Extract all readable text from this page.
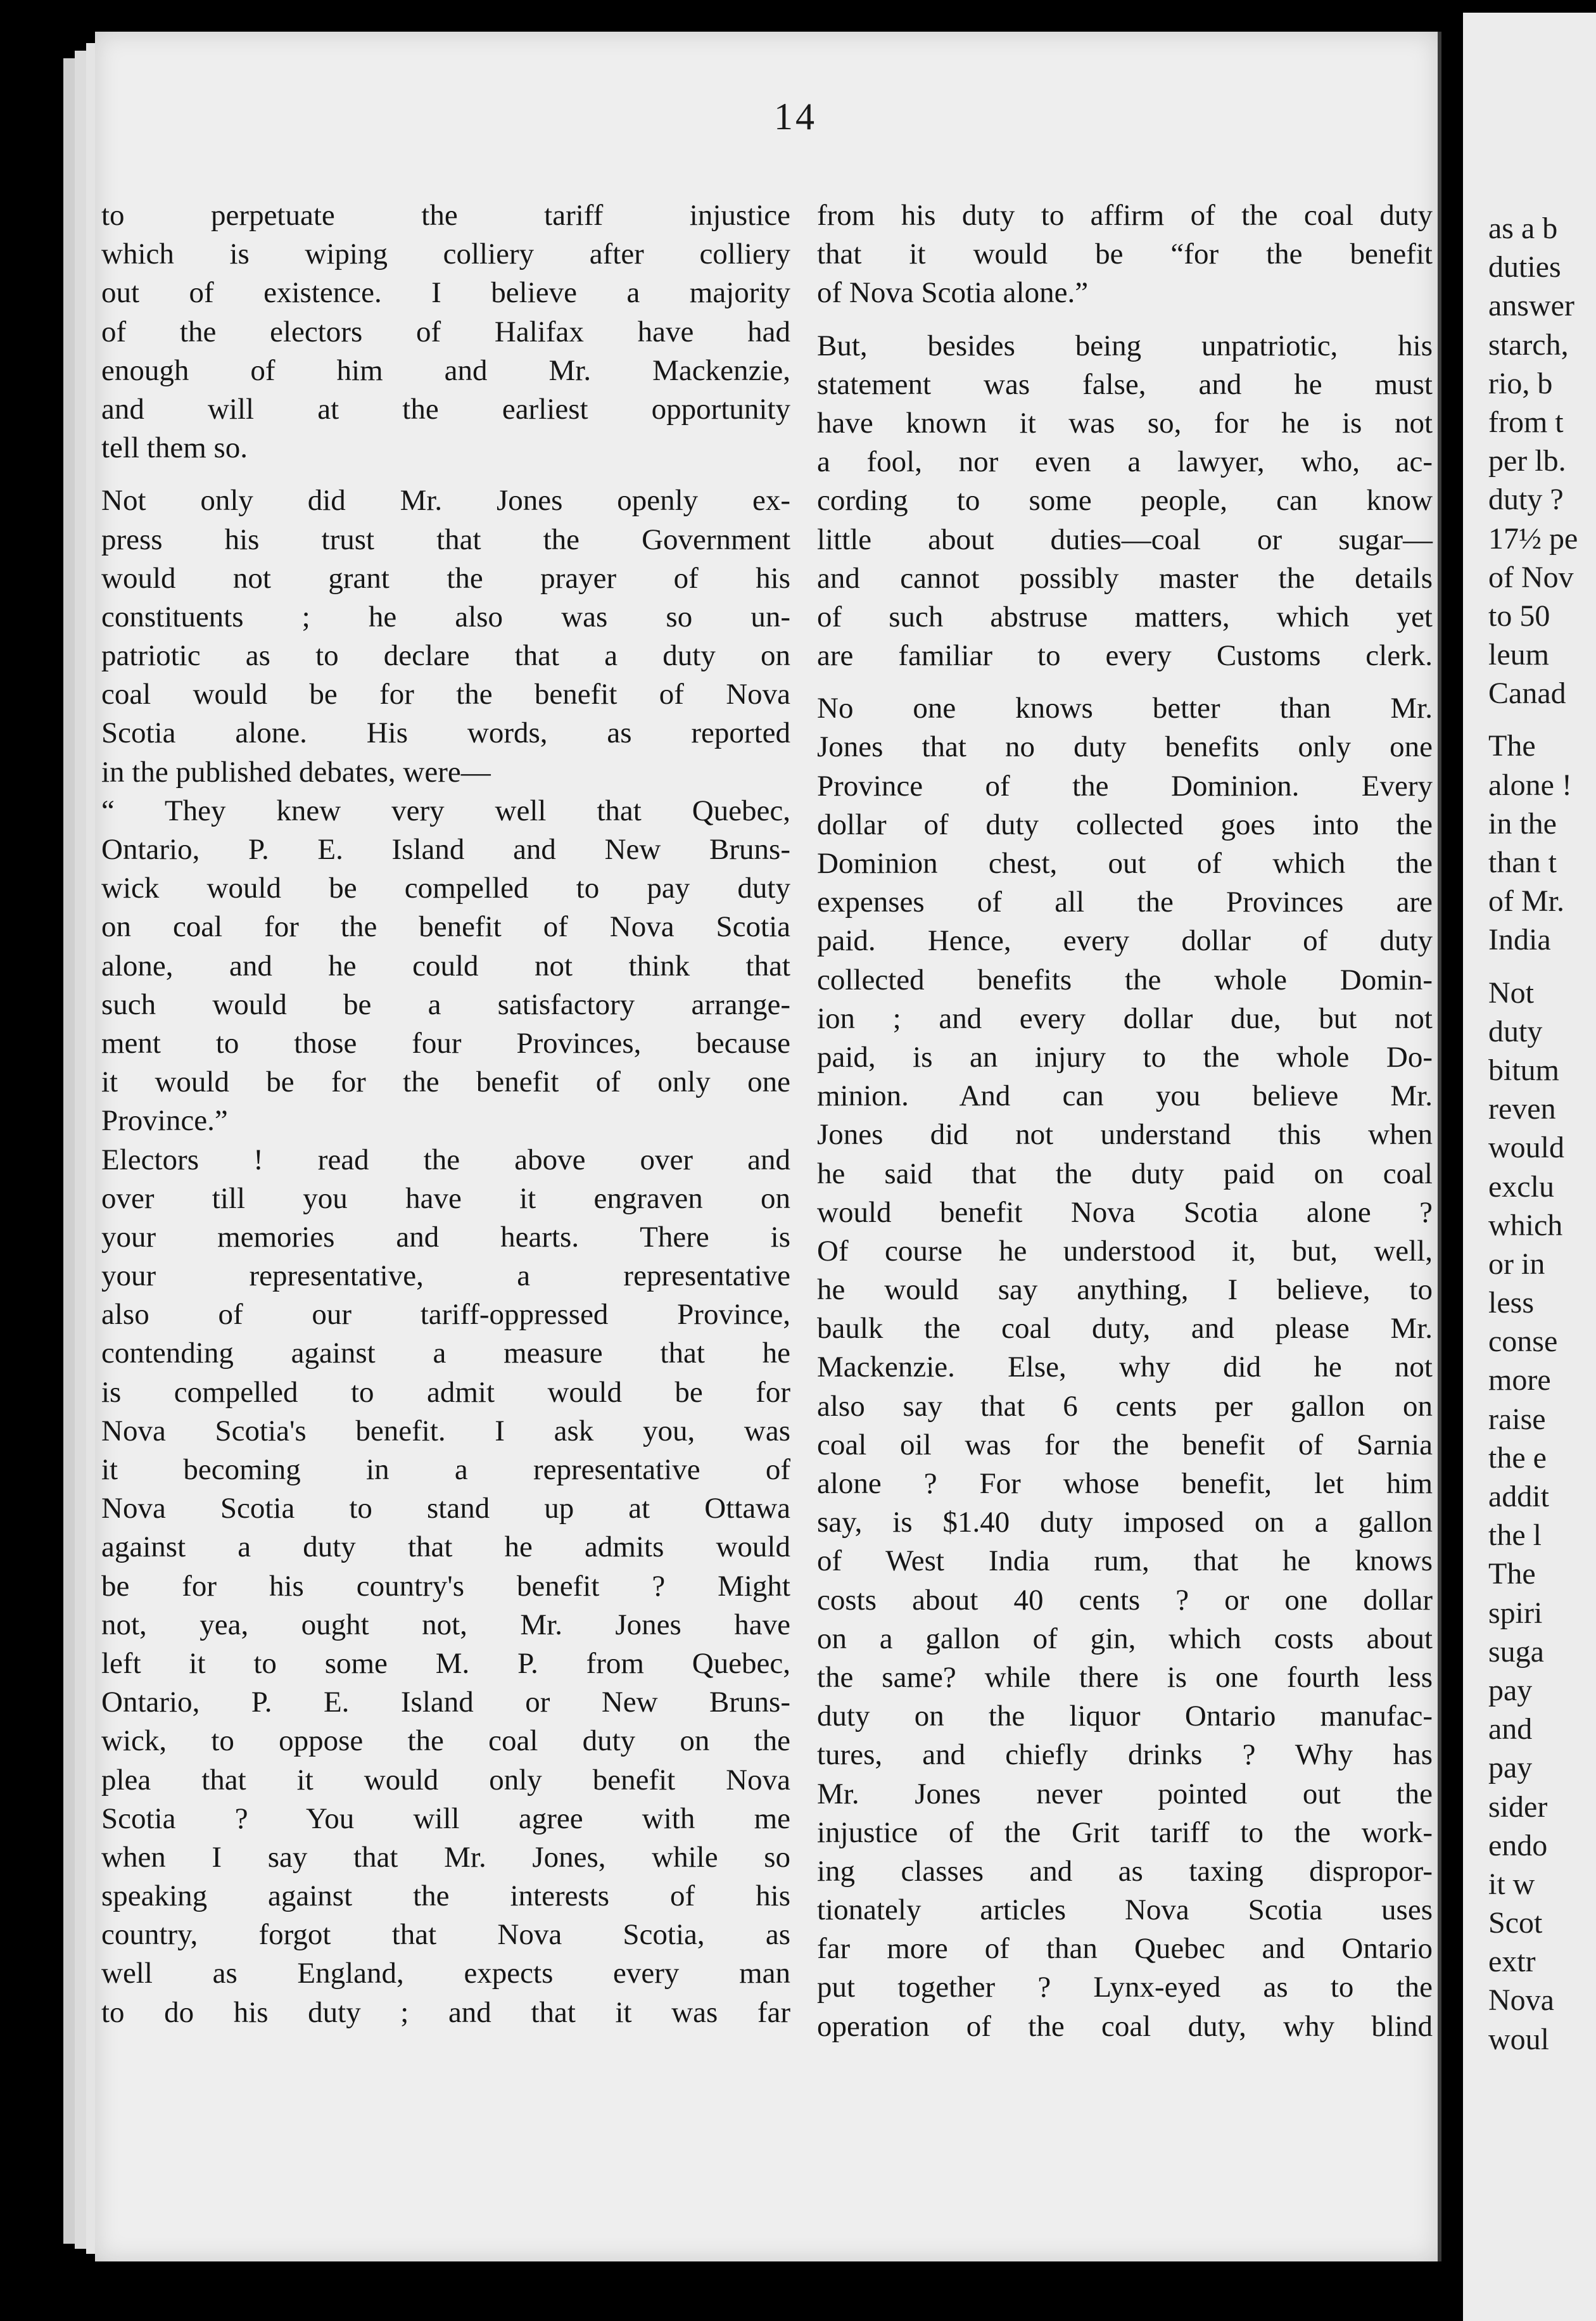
14
to perpetuate the tariff injustice
which is wiping colliery after colliery
out of existence. I believe a majority
of the electors of Halifax have had
enough of him and Mr. Mackenzie,
and will at the earliest opportunity
tell them so.
Not only did Mr. Jones openly ex-
press his trust that the Government
would not grant the prayer of his
constituents ; he also was so un-
patriotic as to declare that a duty on
coal would be for the benefit of Nova
Scotia alone. His words, as reported
in the published debates, were—
“ They knew very well that Quebec,
Ontario, P. E. Island and New Bruns-
wick would be compelled to pay duty
on coal for the benefit of Nova Scotia
alone, and he could not think that
such would be a satisfactory arrange-
ment to those four Provinces, because
it would be for the benefit of only one
Province.”
Electors ! read the above over and
over till you have it engraven on
your memories and hearts. There is
your representative, a representative
also of our tariff-oppressed Province,
contending against a measure that he
is compelled to admit would be for
Nova Scotia's benefit. I ask you, was
it becoming in a representative of
Nova Scotia to stand up at Ottawa
against a duty that he admits would
be for his country's benefit ? Might
not, yea, ought not, Mr. Jones have
left it to some M. P. from Quebec,
Ontario, P. E. Island or New Bruns-
wick, to oppose the coal duty on the
plea that it would only benefit Nova
Scotia ? You will agree with me
when I say that Mr. Jones, while so
speaking against the interests of his
country, forgot that Nova Scotia, as
well as England, expects every man
to do his duty ; and that it was far
from his duty to affirm of the coal duty
that it would be “for the benefit
of Nova Scotia alone.”
But, besides being unpatriotic, his
statement was false, and he must
have known it was so, for he is not
a fool, nor even a lawyer, who, ac-
cording to some people, can know
little about duties—coal or sugar—
and cannot possibly master the details
of such abstruse matters, which yet
are familiar to every Customs clerk.
No one knows better than Mr.
Jones that no duty benefits only one
Province of the Dominion. Every
dollar of duty collected goes into the
Dominion chest, out of which the
expenses of all the Provinces are
paid. Hence, every dollar of duty
collected benefits the whole Domin-
ion ; and every dollar due, but not
paid, is an injury to the whole Do-
minion. And can you believe Mr.
Jones did not understand this when
he said that the duty paid on coal
would benefit Nova Scotia alone ?
Of course he understood it, but, well,
he would say anything, I believe, to
baulk the coal duty, and please Mr.
Mackenzie. Else, why did he not
also say that 6 cents per gallon on
coal oil was for the benefit of Sarnia
alone ? For whose benefit, let him
say, is $1.40 duty imposed on a gallon
of West India rum, that he knows
costs about 40 cents ? or one dollar
on a gallon of gin, which costs about
the same? while there is one fourth less
duty on the liquor Ontario manufac-
tures, and chiefly drinks ? Why has
Mr. Jones never pointed out the
injustice of the Grit tariff to the work-
ing classes and as taxing dispropor-
tionately articles Nova Scotia uses
far more of than Quebec and Ontario
put together ? Lynx-eyed as to the
operation of the coal duty, why blind
as a b
duties
answer
starch,
rio, b
from t
per lb.
duty ?
17½ pe
of Nov
to 50
leum
Canad
The
alone !
in the
than t
of Mr.
India
Not
duty
bitum
reven
would
exclu
which
or in
less
conse
more
raise
the e
addit
the l
The
spiri
suga
pay
and
pay
sider
endo
it w
Scot
extr
Nova
woul
